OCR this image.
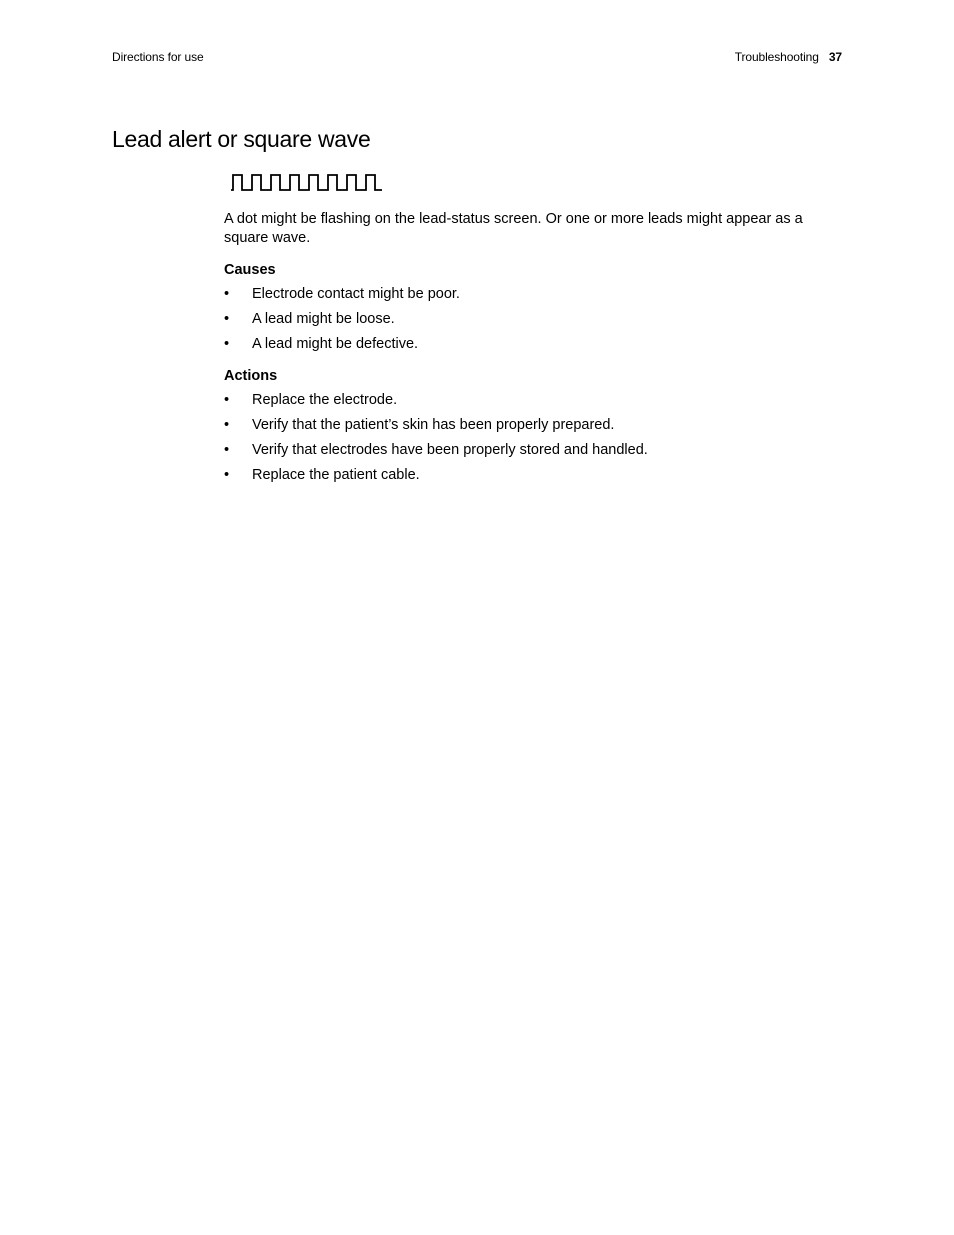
Directions for use	Troubleshooting 37
Lead alert or square wave

A dot might be flashing on the lead-status screen. Or one or more leads might appear as a square wave.

Causes
• Electrode contact might be poor.
• A lead might be loose.
• A lead might be defective.
Actions
• Replace the electrode.
• Verify that the patient’s skin has been properly prepared.
• Verify that electrodes have been properly stored and handled.
• Replace the patient cable.
